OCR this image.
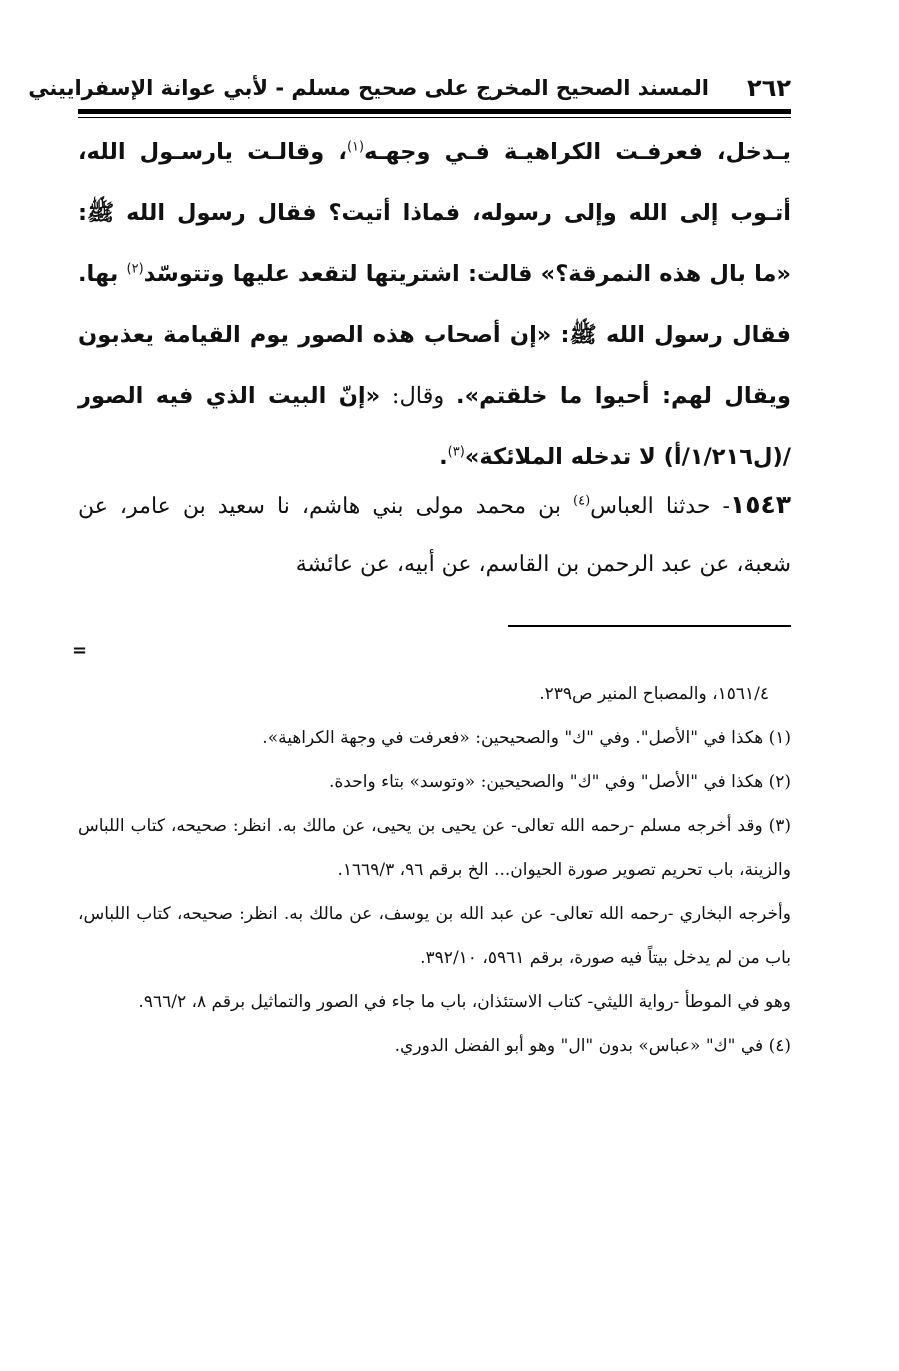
٢٦٢
المسند الصحيح المخرج على صحيح مسلم - لأبي عوانة الإسفراييني

يـدخل، فعرفـت الكراهيـة فـي وجهـه$^{(١)}$، وقالـت يارسـول الله، أتـوب إلى الله وإلى رسوله، فماذا أتيت؟ فقال رسول الله ﷺ: «ما بال هذه النمرقة؟» قالت: اشتريتها لتقعد عليها وتتوسّد$^{(٢)}$ بها. فقال رسول الله ﷺ: «إن أصحاب هذه الصور يوم القيامة يعذبون ويقال لهم: أحيوا ما خلقتم». وقال: «إنّ البيت الذي فيه الصور /(ل١/٢١٦/أ) لا تدخله الملائكة»$^{(٣)}$.

١٥٤٣- حدثنا العباس$^{(٤)}$ بن محمد مولى بني هاشم، نا سعيد بن عامر، عن شعبة، عن عبد الرحمن بن القاسم، عن أبيه، عن عائشة

=

١٥٦١/٤، والمصباح المنير ص٢٣٩.

(١) هكذا في "الأصل". وفي "ك" والصحيحين: «فعرفت في وجهة الكراهية».

(٢) هكذا في "الأصل" وفي "ك" والصحيحين: «وتوسد» بتاء واحدة.

(٣) وقد أخرجه مسلم -رحمه الله تعالى- عن يحيى بن يحيى، عن مالك به. انظر: صحيحه، كتاب اللباس والزينة، باب تحريم تصوير صورة الحيوان... الخ برقم ٩٦، ١٦٦٩/٣.

وأخرجه البخاري -رحمه الله تعالى- عن عبد الله بن يوسف، عن مالك به. انظر: صحيحه، كتاب اللباس، باب من لم يدخل بيتاً فيه صورة، برقم ٥٩٦١، ٣٩٢/١٠.

وهو في الموطأ -رواية الليثي- كتاب الاستئذان، باب ما جاء في الصور والتماثيل برقم ٨، ٩٦٦/٢.

(٤) في "ك" «عباس» بدون "ال" وهو أبو الفضل الدوري.
